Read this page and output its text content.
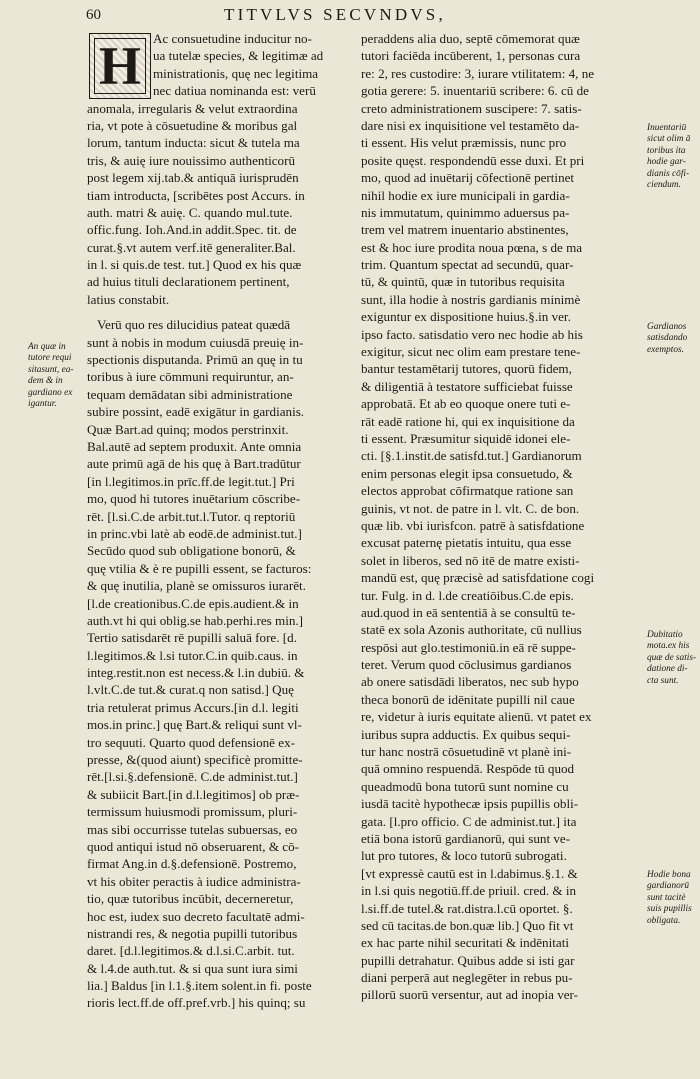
60	TITVLVS SECVNDVS,
H Ac consuetudine inducitur no-
ua tutelæ species, & legitimæ ad
ministrationis, quę nec legitima
nec datiua nominanda est: verū
anomala, irregularis & velut extraordina
ria, vt pote à cōsuetudine & moribus gal
lorum, tantum inducta: sicut & tutela ma
tris, & auię iure nouissimo authenticorū
post legem xij.tab.& antiquā iurisprudēn
tiam introducta, [scribētes post Accurs. in
auth. matri & auię. C. quando mul.tute.
offic.fung. Ioh.And.in addit.Spec. tit. de
curat.§.vt autem verf.itē generaliter.Bal.
in l. si quis.de test. tut.] Quod ex his quæ
ad huius tituli declarationem pertinent,
latius constabit.
Verū quo res dilucidius pateat quædā
sunt à nobis in modum cuiusdā preuię in-
spectionis disputanda. Primū an quę in tu
toribus à iure cōmmuni requiruntur, an-
tequam demādatan sibi administratione
subire possint, eadē exigātur in gardianis.
Quæ Bart.ad quinq; modos perstrinxit.
Bal.autē ad septem produxit. Ante omnia
aute primū agā de his quę à Bart.tradūtur
[in l.legitimos.in prīc.ff.de legit.tut.] Pri
mo, quod hi tutores inuētarium cōscribe-
rēt. [l.si.C.de arbit.tut.l.Tutor. q reptoriū
in princ.vbi latè ab eodē.de administ.tut.]
Secūdo quod sub obligatione bonorū, &
quę vtilia & è re pupilli essent, se facturos:
& quę inutilia, planè se omissuros iurarēt.
[l.de creationibus.C.de epis.audient.& in
auth.vt hi qui oblig.se hab.perhi.res min.]
Tertio satisdarēt rē pupilli saluā fore. [d.
l.legitimos.& l.si tutor.C.in quib.caus. in
integ.restit.non est necess.& l.in dubiū. &
l.vlt.C.de tut.& curat.q non satisd.] Quę
tria retulerat primus Accurs.[in d.l. legiti
mos.in princ.] quę Bart.& reliqui sunt vl-
tro sequuti. Quarto quod defensionē ex-
presse, &(quod aiunt) specificè promitte-
rēt.[l.si.§.defensionē. C.de administ.tut.]
& subiicit Bart.[in d.l.legitimos] ob præ-
termissum huiusmodi promissum, pluri-
mas sibi occurrisse tutelas subuersas, eo
quod antiqui istud nō obseruarent, & cō-
firmat Ang.in d.§.defensionē. Postremo,
vt his obiter peractis à iudice administra-
tio, quæ tutoribus incūbit, decerneretur,
hoc est, iudex suo decreto facultatē admi-
nistrandi res, & negotia pupilli tutoribus
daret. [d.l.legitimos.& d.l.si.C.arbit. tut.
& l.4.de auth.tut. & si qua sunt iura simi
lia.] Baldus [in l.1.§.item solent.in fi. poste
rioris lect.ff.de off.pref.vrb.] his quinq; su
peraddens alia duo, septē cōmemorat quæ
tutori faciēda incūberent, 1, personas cura
re: 2, res custodire: 3, iurare vtilitatem: 4, ne
gotia gerere: 5. inuentariū scribere: 6. cū de
creto administrationem suscipere: 7. satis-
dare nisi ex inquisitione vel testamēto da-
ti essent. His velut præmissis, nunc pro
posite quęst. respondendū esse duxi. Et pri
mo, quod ad inuētarij cōfectionē pertinet
nihil hodie ex iure municipali in gardia-
nis immutatum, quinimmo aduersus pa-
trem vel matrem inuentario abstinentes,
est & hoc iure prodita noua pœna, s de ma
trim. Quantum spectat ad secundū, quar-
tū, & quintū, quæ in tutoribus requisita
sunt, illa hodie à nostris gardianis minimè
exiguntur ex dispositione huius.§.in ver.
ipso facto. satisdatio vero nec hodie ab his
exigitur, sicut nec olim eam prestare tene-
bantur testamētarij tutores, quorū fidem,
& diligentiā à testatore sufficiebat fuisse
approbatā. Et ab eo quoque onere tuti e-
rāt eadē ratione hi, qui ex inquisitione da
ti essent. Præsumitur siquidē idonei ele-
cti. [§.1.instit.de satisfd.tut.] Gardianorum
enim personas elegit ipsa consuetudo, &
electos approbat cōfirmatque ratione san
guinis, vt not. de patre in l. vlt. C. de bon.
quæ lib. vbi iurisfcon. patrē à satisfdatione
excusat paternę pietatis intuitu, qua esse
solet in liberos, sed nō itē de matre existi-
mandū est, quę præcisè ad satisfdatione cogi
tur. Fulg. in d. l.de creatiōibus.C.de epis.
aud.quod in eā sententiā à se consultū te-
statē ex sola Azonis authoritate, cū nullius
respōsi aut glo.testimoniū.in eā rē suppe-
teret. Verum quod cōclusimus gardianos
ab onere satisdādi liberatos, nec sub hypo
theca bonorū de idēnitate pupilli nil caue
re, videtur à iuris equitate alienū. vt patet ex
iuribus supra adductis. Ex quibus sequi-
tur hanc nostrā cōsuetudinē vt planè ini-
quā omnino respuendā. Respōde tū quod
queadmodū bona tutorū sunt nomine cu
iusdā tacitè hypothecæ ipsis pupillis obli-
gata. [l.pro officio. C de administ.tut.] ita
etiā bona istorū gardianorū, qui sunt ve-
lut pro tutores, & loco tutorū subrogati.
[vt expressè cautū est in l.dabimus.§.1. &
in l.si quis negotiū.ff.de priuil. cred. & in
l.si.ff.de tutel.& rat.distra.l.cū oportet. §.
sed cū tacitas.de bon.quæ lib.] Quo fit vt
ex hac parte nihil securitati & indēnitati
pupilli detrahatur. Quibus adde si isti gar
diani perperā aut neglegēter in rebus pu-
pillorū suorū versentur, aut ad inopia ver-
An quæ in
tutore requi
sitasunt, ea-
dem & in
gardiano ex
igantur.
Inuentariū
sicut olim ā
toribus ita
hodie gar-
dianis cōfi-
ciendum.
Gardianos
satisdando
exemptos.
Dubitatio
mota.ex his
quæ de satis-
datione di-
cta sunt.
Hodie bona
gardianorū
sunt tacitè
suis pupillis
obligata.
